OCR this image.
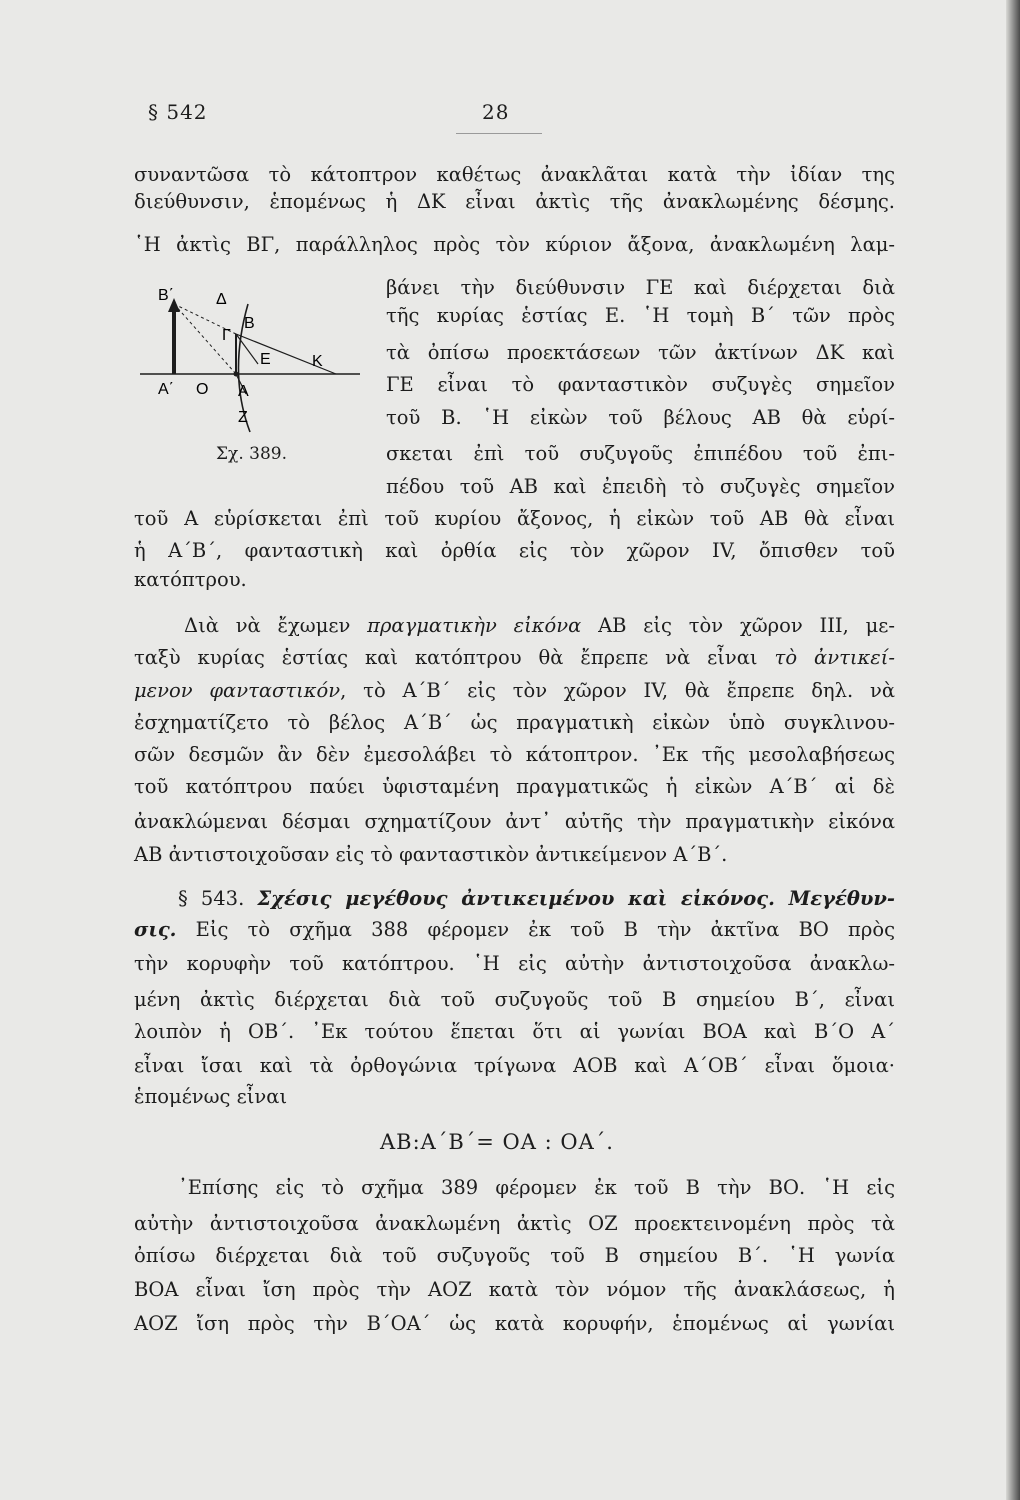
§ 542	28
συναντῶσα τὸ κάτοπτρον καθέτως ἀνακλᾶται κατὰ τὴν ἰδίαν της
διεύθυνσιν, ἑπομένως ἡ ΔΚ εἶναι ἀκτὶς τῆς ἀνακλωμένης δέσμης.
῾Η ἀκτὶς ΒΓ, παράλληλος πρὸς τὸν κύριον ἄξονα, ἀνακλωμένη λαμ-
βάνει τὴν διεύθυνσιν ΓΕ καὶ διέρχεται διὰ
τῆς κυρίας ἑστίας Ε. ῾Η τομὴ Β΄ τῶν πρὸς
τὰ ὀπίσω προεκτάσεων τῶν ἀκτίνων ΔΚ καὶ
ΓΕ εἶναι τὸ φανταστικὸν συζυγὲς σημεῖον
τοῦ Β. ῾Η εἰκὼν τοῦ βέλους ΑΒ θὰ εὑρί-
σκεται ἐπὶ τοῦ συζυγοῦς ἐπιπέδου τοῦ ἐπι-
πέδου τοῦ ΑΒ καὶ ἐπειδὴ τὸ συζυγὲς σημεῖον
τοῦ Α εὑρίσκεται ἐπὶ τοῦ κυρίου ἄξονος, ἡ εἰκὼν τοῦ ΑΒ θὰ εἶναι
ἡ Α΄Β΄, φανταστικὴ καὶ ὀρθία εἰς τὸν χῶρον IV, ὄπισθεν τοῦ
κατόπτρου.
Διὰ νὰ ἔχωμεν πραγματικὴν εἰκόνα ΑΒ εἰς τὸν χῶρον III, με-
ταξὺ κυρίας ἑστίας καὶ κατόπτρου θὰ ἔπρεπε νὰ εἶναι τὸ ἀντικεί-
μενον φανταστικόν, τὸ Α΄Β΄ εἰς τὸν χῶρον IV, θὰ ἔπρεπε δηλ. νὰ
ἐσχηματίζετο τὸ βέλος Α΄Β΄ ὡς πραγματικὴ εἰκὼν ὑπὸ συγκλινου-
σῶν δεσμῶν ἂν δὲν ἐμεσολάβει τὸ κάτοπτρον. ᾿Εκ τῆς μεσολαβήσεως
τοῦ κατόπτρου παύει ὑφισταμένη πραγματικῶς ἡ εἰκὼν Α΄Β΄ αἱ δὲ
ἀνακλώμεναι δέσμαι σχηματίζουν ἀντ᾿ αὐτῆς τὴν πραγματικὴν εἰκόνα
ΑΒ ἀντιστοιχοῦσαν εἰς τὸ φανταστικὸν ἀντικείμενον Α΄Β΄.
§ 543. Σχέσις μεγέθους ἀντικειμένου καὶ εἰκόνος. Μεγέθυν-
σις. Εἰς τὸ σχῆμα 388 φέρομεν ἐκ τοῦ Β τὴν ἀκτῖνα ΒΟ πρὸς
τὴν κορυφὴν τοῦ κατόπτρου. ῾Η εἰς αὐτὴν ἀντιστοιχοῦσα ἀνακλω-
μένη ἀκτὶς διέρχεται διὰ τοῦ συζυγοῦς τοῦ Β σημείου Β΄, εἶναι
λοιπὸν ἡ ΟΒ΄. ᾿Εκ τούτου ἕπεται ὅτι αἱ γωνίαι ΒΟΑ καὶ Β΄Ο Α΄
εἶναι ἴσαι καὶ τὰ ὀρθογώνια τρίγωνα ΑΟΒ καὶ Α΄ΟΒ΄ εἶναι ὅμοια·
ἑπομένως εἶναι
ΑΒ:Α΄Β΄= ΟΑ : ΟΑ΄.
᾿Επίσης εἰς τὸ σχῆμα 389 φέρομεν ἐκ τοῦ Β τὴν ΒΟ. ῾Η εἰς
αὐτὴν ἀντιστοιχοῦσα ἀνακλωμένη ἀκτὶς ΟΖ προεκτεινομένη πρὸς τὰ
ὀπίσω διέρχεται διὰ τοῦ συζυγοῦς τοῦ Β σημείου Β΄. ῾Η γωνία
ΒΟΑ εἶναι ἴση πρὸς τὴν ΑΟΖ κατὰ τὸν νόμον τῆς ἀνακλάσεως, ἡ
ΑΟΖ ἴση πρὸς τὴν Β΄ΟΑ΄ ὡς κατὰ κορυφήν, ἑπομένως αἱ γωνίαι
Β΄	Δ
Β
Γ
Ε	Κ
Α΄ Ο Α
Ζ
Σχ. 389.
